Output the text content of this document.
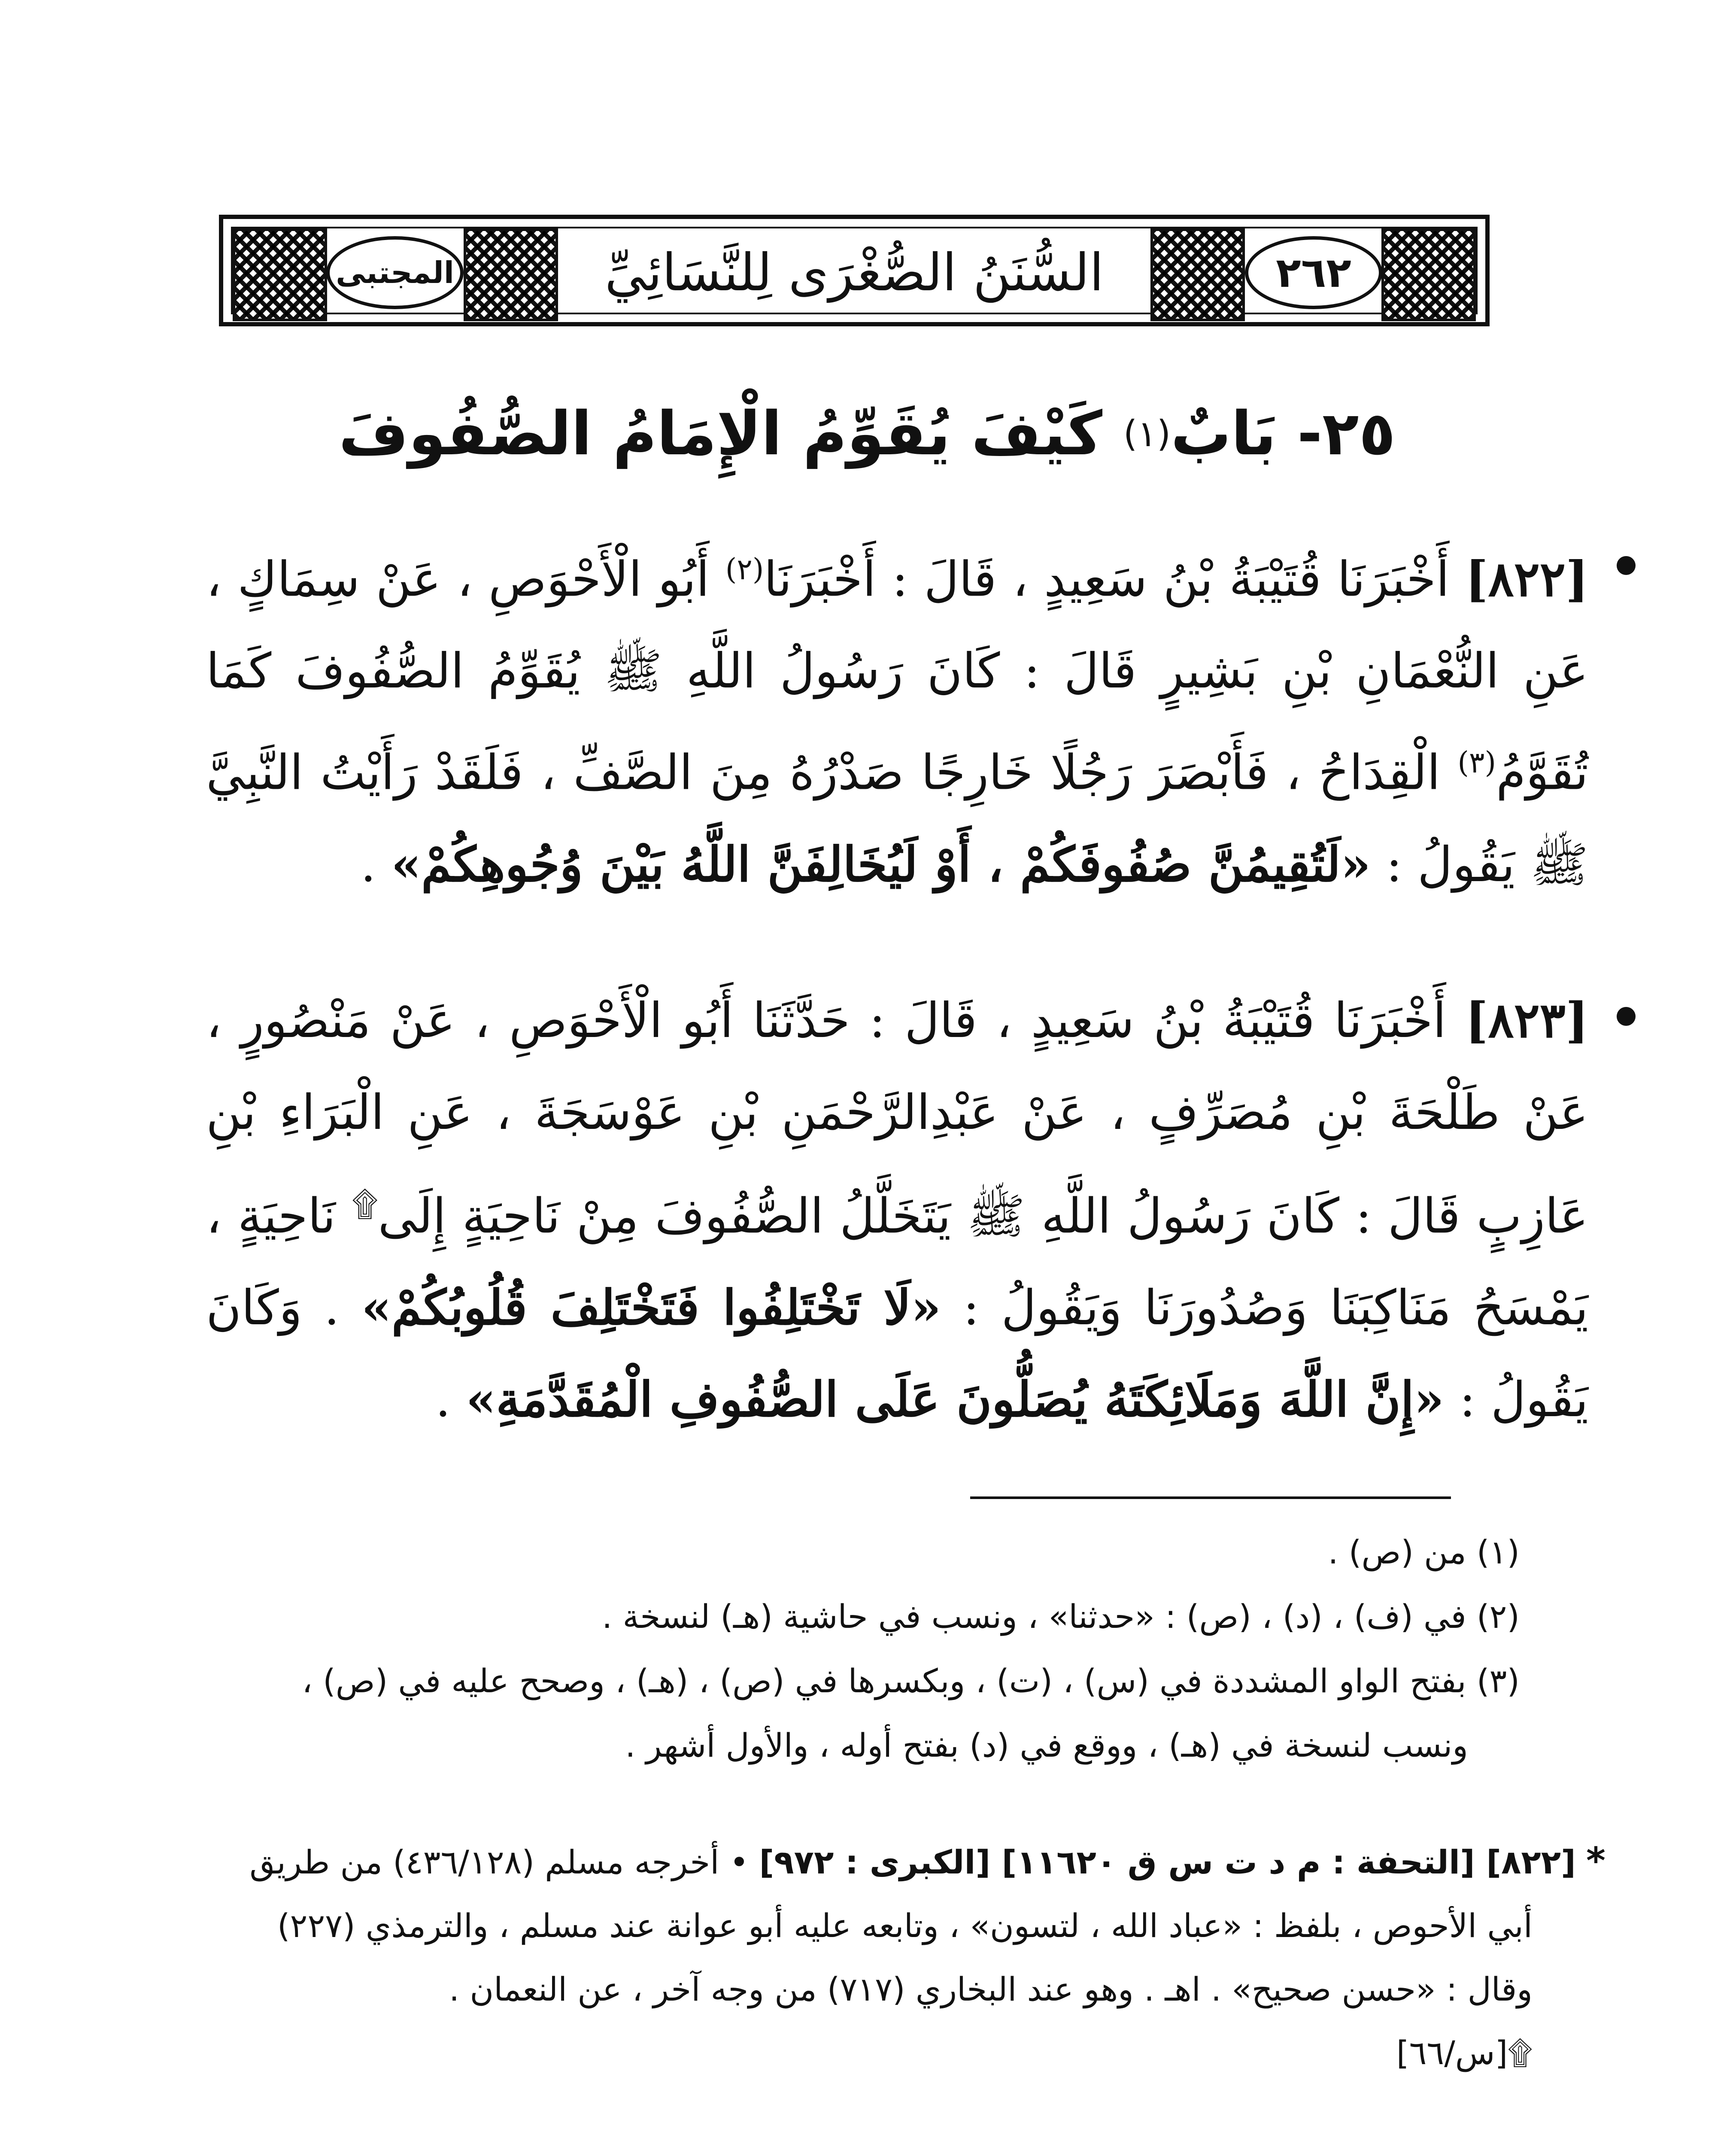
المجتبى	٢٦٢
السُّنَنُ الصُّغْرَى لِلنَّسَائِيِّ
٢٥-

بَابٌ
(١)

كَيْفَ يُقَوِّمُ الْإِمَامُ الصُّفُوفَ
[٨٢٢] أَخْبَرَنَا قُتَيْبَةُ بْنُ سَعِيدٍ ، قَالَ : أَخْبَرَنَا$^{(٢)}$ أَبُو الْأَحْوَصِ ، عَنْ سِمَاكٍ ، عَنِ النُّعْمَانِ بْنِ بَشِيرٍ قَالَ : كَانَ رَسُولُ اللَّهِ ﷺ يُقَوِّمُ الصُّفُوفَ كَمَا تُقَوَّمُ$^{(٣)}$ الْقِدَاحُ ، فَأَبْصَرَ رَجُلًا خَارِجًا صَدْرُهُ مِنَ الصَّفِّ ، فَلَقَدْ رَأَيْتُ النَّبِيَّ ﷺ يَقُولُ : «لَتُقِيمُنَّ صُفُوفَكُمْ ، أَوْ لَيُخَالِفَنَّ اللَّهُ بَيْنَ وُجُوهِكُمْ» .
[٨٢٣] أَخْبَرَنَا قُتَيْبَةُ بْنُ سَعِيدٍ ، قَالَ : حَدَّثَنَا أَبُو الْأَحْوَصِ ، عَنْ مَنْصُورٍ ، عَنْ طَلْحَةَ بْنِ مُصَرِّفٍ ، عَنْ عَبْدِالرَّحْمَنِ بْنِ عَوْسَجَةَ ، عَنِ الْبَرَاءِ بْنِ عَازِبٍ قَالَ : كَانَ رَسُولُ اللَّهِ ﷺ يَتَخَلَّلُ الصُّفُوفَ مِنْ نَاحِيَةٍ إِلَى۩ نَاحِيَةٍ ، يَمْسَحُ مَنَاكِبَنَا وَصُدُورَنَا وَيَقُولُ : «لَا تَخْتَلِفُوا فَتَخْتَلِفَ قُلُوبُكُمْ» . وَكَانَ يَقُولُ : «إِنَّ اللَّهَ وَمَلَائِكَتَهُ يُصَلُّونَ عَلَى الصُّفُوفِ الْمُقَدَّمَةِ» .
(١) من (ص) .
(٢) في (ف) ، (د) ، (ص) : «حدثنا» ، ونسب في حاشية (هـ) لنسخة .
(٣) بفتح الواو المشددة في (س) ، (ت) ، وبكسرها في (ص) ، (هـ) ، وصحح عليه في (ص) ،
ونسب لنسخة في (هـ) ، ووقع في (د) بفتح أوله ، والأول أشهر .
* [٨٢٢] [التحفة : م د ت س ق ١١٦٢٠] [الكبرى : ٩٧٢] • أخرجه مسلم (٤٣٦/١٢٨) من طريق
أبي الأحوص ، بلفظ : «عباد الله ، لتسون» ، وتابعه عليه أبو عوانة عند مسلم ، والترمذي (٢٢٧)
وقال : «حسن صحيح» . اهـ . وهو عند البخاري (٧١٧) من وجه آخر ، عن النعمان .
۩[س/٦٦]
